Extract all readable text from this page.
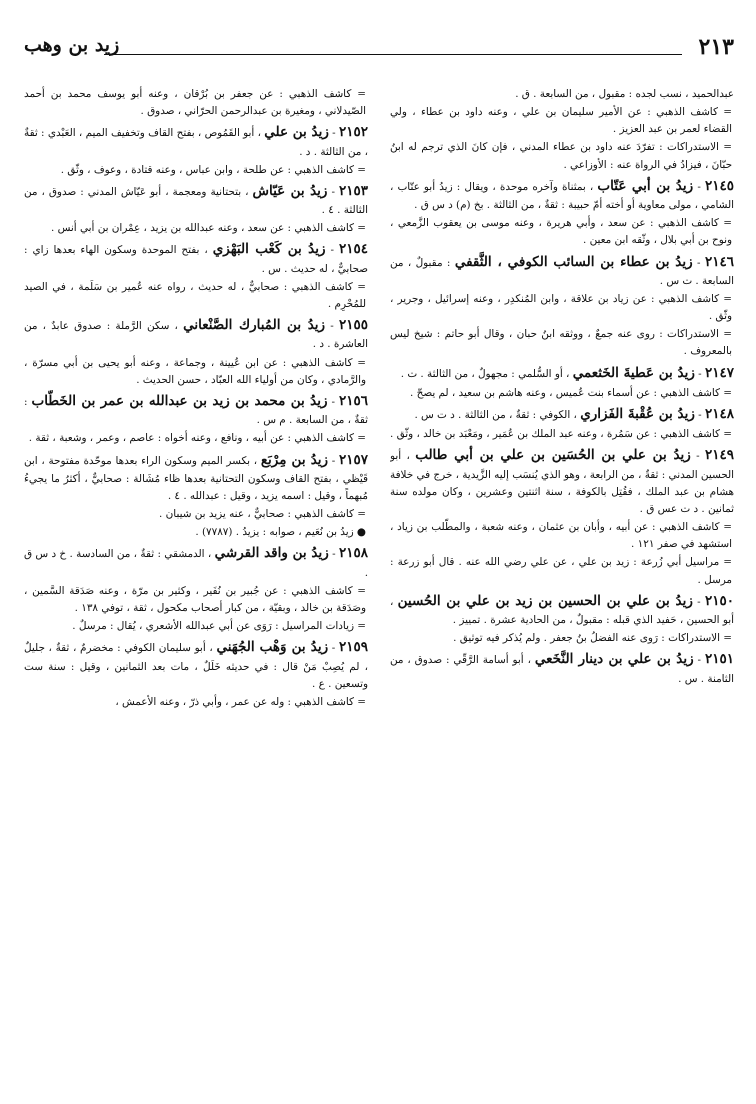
٢١٣
زيد بن وهب

عبدالحميد ، نسب لجده : مقبول ، من السابعة . ق .

= كاشف الذهبي : عن الأمير سليمان بن علي ، وعنه داود بن عطاء ، ولي القضاء لعمر بن عبد العزيز .

= الاستدراكات : تفرّدَ عنه داود بن عطاء المدني ، فإن كانَ الذي ترجم له ابنُ حبّانَ ، فيزادُ في الرواة عنه : الأوزاعي .

٢١٤٥ - زيدُ بن أبي عَتّاب ، بمثناة وآخره موحدة ، ويقال : زيدُ أبو عتّاب ، الشامي ، مولى معاوية أو أخته أمّ حبيبة : ثقةٌ ، من الثالثة . بخ (م) د س ق .

= كاشف الذهبي : عن سعد ، وأبي هريرة ، وعنه موسى بن يعقوب الزَّمعي ، ونوح بن أبي بلال ، وثّقه ابن معين .

٢١٤٦ - زيدُ بن عطاء بن السائب الكوفي ، الثَّقفي : مقبولٌ ، من السابعة . ت س .

= كاشف الذهبي : عن زياد بن علاقة ، وابن المُنكدِر ، وعنه إسرائيل ، وجرير ، وثّق .

= الاستدراكات : روى عنه جمعٌ ، ووثقه ابنُ حبان ، وقال أبو حاتم : شيخ ليس بالمعروف .

٢١٤٧ - زيدُ بن عَطيةَ الخَثعمي ، أو السُّلمي : مجهولٌ ، من الثالثة . ت .

= كاشف الذهبي : عن أسماء بنت عُميس ، وعنه هاشم بن سعيد ، لم يصحّ .

٢١٤٨ - زيدُ بن عُقْبةَ الفَزاري ، الكوفي : ثقةٌ ، من الثالثة . د ت س .

= كاشف الذهبي : عن سَمُرة ، وعنه عبد الملك بن عُمَير ، ومَعْبَد بن خالد ، وثّق .

٢١٤٩ - زيدُ بن علي بن الحُسَين بن علي بن أبي طالب ، أبو الحسين المدني : ثقةٌ ، من الرابعة ، وهو الذي يُنسَب إليه الزَّيدية ، خرج في خلافة هشام بن عبد الملك ، فقُتِل بالكوفة ، سنة اثنتين وعشرين ، وكان مولده سنة ثمانين . د ت عس ق .

= كاشف الذهبي : عن أبيه ، وأبان بن عثمان ، وعنه شعبة ، والمطّلب بن زياد ، استشهد في صفر ١٢١ .

= مراسيل أبي زُرعة : زيد بن علي ، عن علي رضي الله عنه . قال أبو زرعة : مرسل .

٢١٥٠ - زيدُ بن علي بن الحسين بن زيد بن علي بن الحُسين ، أبو الحسين ، حَفيد الذي قبله : مقبولٌ ، من الحادية عشرة . تمييز .

= الاستدراكات : رَوى عنه الفضلُ بنُ جعفر . ولم يُذكر فيه توثيق .

٢١٥١ - زيدُ بن علي بن دينار النَّخَعي ، أبو أسامة الرَّقّي : صدوق ، من الثامنة . س .

= كاشف الذهبي : عن جعفر بن بُرْقان ، وعنه أبو يوسف محمد بن أحمد الصّيدلاني ، ومغيرة بن عبدالرحمن الحرّاني ، صدوق .

٢١٥٢ - زيدُ بن علي ، أبو القَمُوص ، بفتح القاف وتخفيف الميم ، العَبْدي : ثقةٌ ، من الثالثة . د .

= كاشف الذهبي : عن طلحة ، وابن عباس ، وعنه قتادة ، وعوف ، وثّق .

٢١٥٣ - زيدُ بن عَيّاش ، بتحتانية ومعجمة ، أبو عَيّاش المدني : صدوق ، من الثالثة . ٤ .

= كاشف الذهبي : عن سعد ، وعنه عبدالله بن يزيد ، عِمْران بن أبي أنس .

٢١٥٤ - زيدُ بن كَعْب البَهْزي ، بفتح الموحدة وسكون الهاء بعدها زاي : صحابيٌّ ، له حديث . س .

= كاشف الذهبي : صحابيٌّ ، له حديث ، رواه عنه عُمير بن سَلَمة ، في الصيد للمُحْرِم .

٢١٥٥ - زيدُ بن المُبارك الصَّنْعاني ، سكن الرَّملة : صدوق عابدٌ ، من العاشرة . د .

= كاشف الذهبي : عن ابن عُيينة ، وجماعة ، وعنه أبو يحيى بن أبي مسرّة ، والرَّمادي ، وكان من أولياء الله العبّاد ، حسن الحديث .

٢١٥٦ - زيدُ بن محمد بن زيد بن عبدالله بن عمر بن الخَطّاب : ثقةٌ ، من السابعة . م س .

= كاشف الذهبي : عن أبيه ، ونافع ، وعنه أخواه : عاصم ، وعمر ، وشعبة ، ثقة .

٢١٥٧ - زيدُ بن مِرْبَع ، بكسر الميم وسكون الراء بعدها موحّدة مفتوحة ، ابن قَيْظي ، بفتح القاف وسكون التحتانية بعدها ظاء مُشَالة : صحابيٌّ ، أكثرُ ما يجيءُ مُبهماً ، وقيل : اسمه يزيد ، وقيل : عبدالله . ٤ .

= كاشف الذهبي : صحابيٌّ ، عنه يزيد بن شيبان .

● زيدُ بن نُعَيم ، صوابه : يزيدُ . (٧٧٨٧) .

٢١٥٨ - زيدُ بن واقد القرشي ، الدمشقي : ثقةٌ ، من السادسة . خ د س ق .

= كاشف الذهبي : عن جُبير بن نُفَير ، وكثير بن مرّة ، وعنه صَدَقة السَّمين ، وصَدَقة بن خالد ، وبقيّة ، من كبار أصحاب مكحول ، ثقة ، توفي ١٣٨ .

= زيادات المراسيل : رَوَى عن أبي عبدالله الأشعري ، يُقال : مرسلٌ .

٢١٥٩ - زيدُ بن وَهْب الجُهَني ، أبو سليمان الكوفي : مخضرمٌ ، ثقةٌ ، جليلٌ ، لم يُصِبْ مَنْ قال : في حديثه خَلَلٌ ، مات بعد الثمانين ، وقيل : سنة ست وتسعين . ع .

= كاشف الذهبي : وله عن عمر ، وأبي ذرّ ، وعنه الأعمش ،
